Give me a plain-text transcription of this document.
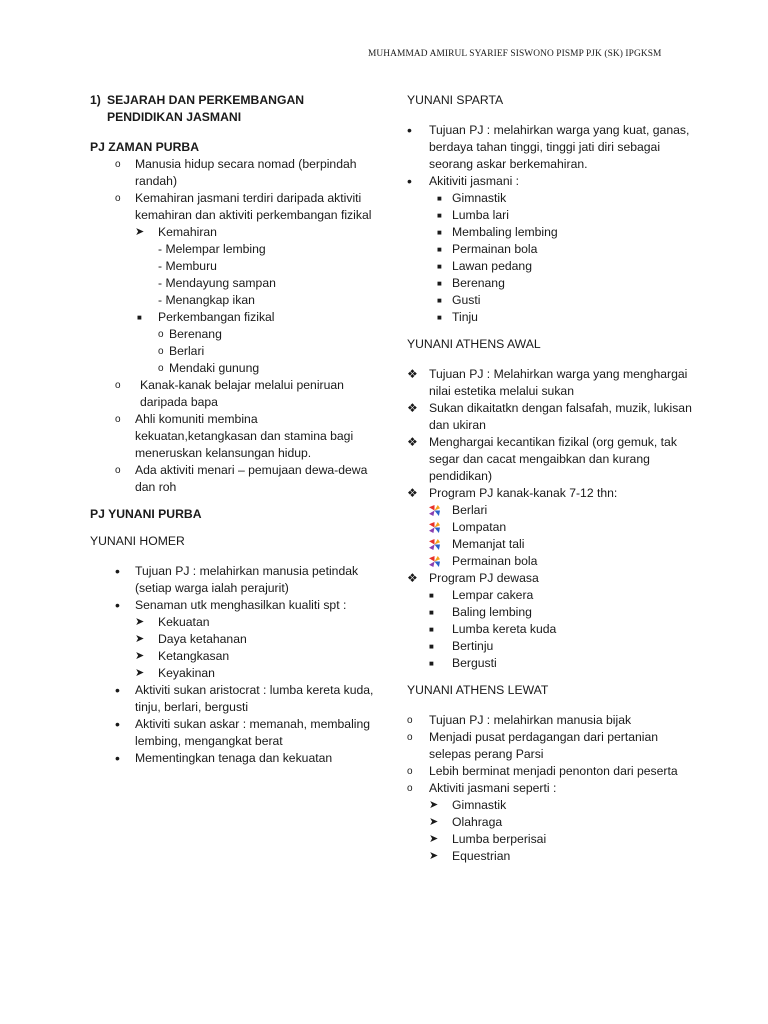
MUHAMMAD AMIRUL SYARIEF SISWONO PISMP PJK (SK) IPGKSM
1) SEJARAH DAN PERKEMBANGAN
PENDIDIKAN JASMANI
PJ ZAMAN PURBA
o	Manusia hidup secara nomad (berpindah randah)
o	Kemahiran jasmani terdiri daripada aktiviti kemahiran dan aktiviti perkembangan fizikal
➤	Kemahiran
- Melempar lembing
- Memburu
- Mendayung sampan
- Menangkap ikan
■	Perkembangan fizikal
o Berenang
o Berlari
o Mendaki gunung
o	Kanak-kanak belajar melalui peniruan daripada bapa
o	Ahli komuniti membina kekuatan,ketangkasan dan stamina bagi meneruskan kelansungan hidup.
o	Ada aktiviti menari – pemujaan dewa-dewa dan roh
PJ YUNANI PURBA
YUNANI HOMER
•	Tujuan PJ : melahirkan manusia petindak (setiap warga ialah perajurit)
•	Senaman utk menghasilkan kualiti spt :
➤	Kekuatan
➤	Daya ketahanan
➤	Ketangkasan
➤	Keyakinan
•	Aktiviti sukan aristocrat : lumba kereta kuda, tinju, berlari, bergusti
•	Aktiviti sukan askar : memanah, membaling lembing, mengangkat berat
•	Mementingkan tenaga dan kekuatan
YUNANI SPARTA
•	Tujuan PJ : melahirkan warga yang kuat, ganas, berdaya tahan tinggi, tinggi jati diri sebagai seorang askar berkemahiran.
•	Akitiviti jasmani :
■ Gimnastik
■ Lumba lari
■ Membaling lembing
■ Permainan bola
■ Lawan pedang
■ Berenang
■ Gusti
■ Tinju
YUNANI ATHENS AWAL
❖ Tujuan PJ : Melahirkan warga yang menghargai nilai estetika melalui sukan
❖ Sukan dikaitatkn dengan falsafah, muzik, lukisan dan ukiran
❖ Menghargai kecantikan fizikal (org gemuk, tak segar dan cacat mengaibkan dan kurang pendidikan)
❖ Program PJ kanak-kanak 7-12 thn:
Berlari
Lompatan
Memanjat tali
Permainan bola
❖ Program PJ dewasa
■	Lempar cakera
■	Baling lembing
■	Lumba kereta kuda
■	Bertinju
■	Bergusti
YUNANI ATHENS LEWAT
o	Tujuan PJ : melahirkan manusia bijak
o	Menjadi pusat perdagangan dari pertanian selepas perang Parsi
o	Lebih berminat menjadi penonton dari peserta
o	Aktiviti jasmani seperti :
➤	Gimnastik
➤	Olahraga
➤	Lumba berperisai
➤	Equestrian
